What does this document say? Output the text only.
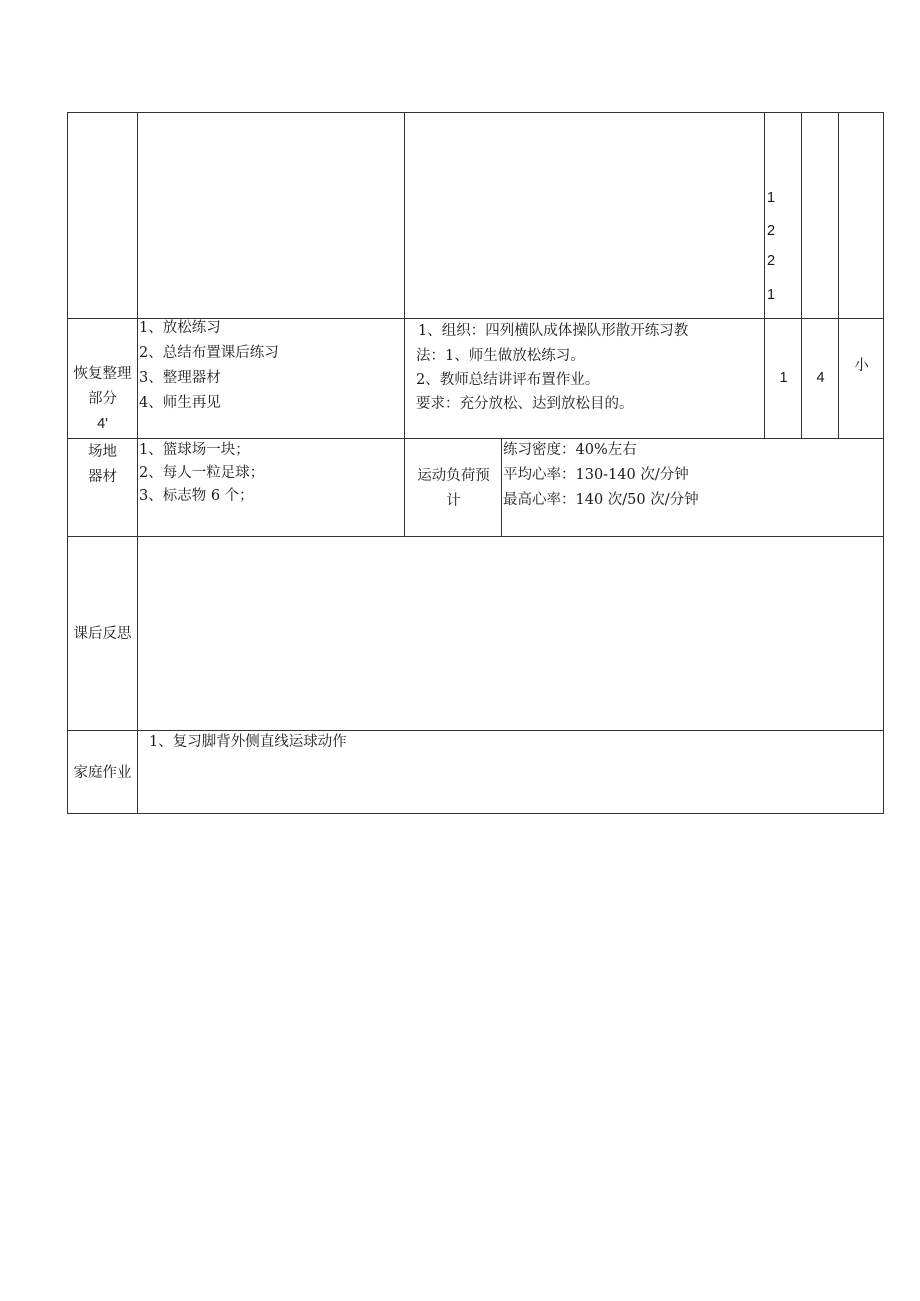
1
2
2
1
恢复整理
部分
4'
1、放松练习
2、总结布置课后练习
3、整理器材
4、师生再见
1、组织：四列横队成体操队形散开练习教
法：1、师生做放松练习。
2、教师总结讲评布置作业。
要求：充分放松、达到放松目的。
1	4
小
场地
器材
1、篮球场一块；
2、每人一粒足球；
3、标志物 6 个；
运动负荷预
计
练习密度：40%左右
平均心率：130-140 次/分钟
最高心率：140 次/50 次/分钟
课后反思
家庭作业
1、复习脚背外侧直线运球动作
